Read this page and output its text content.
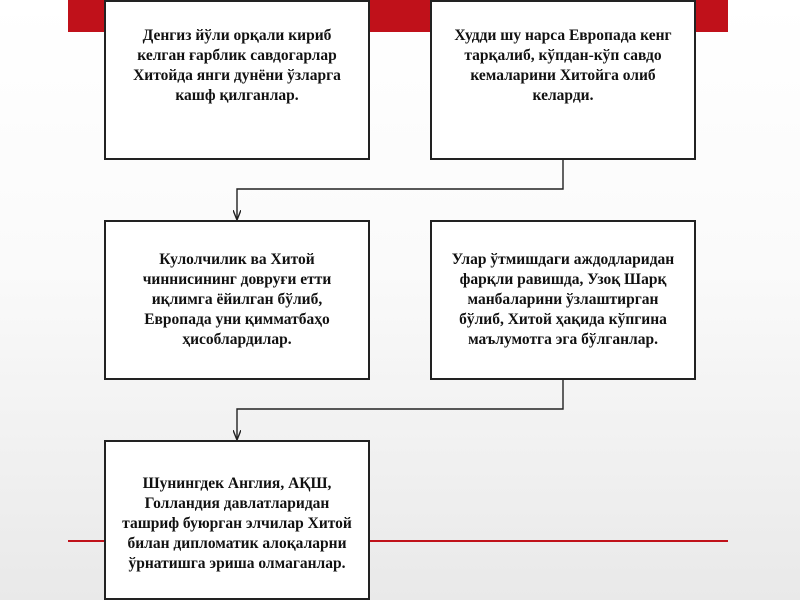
Денгиз йўли орқали кириб келган ғарблик савдогарлар Хитойда янги дунёни ўзларга кашф қилганлар.
Худди шу нарса Европада кенг тарқалиб, кўпдан-кўп савдо кемаларини Хитойга олиб келарди.
Кулолчилик ва Хитой чиннисининг довруғи етти иқлимга ёйилган бўлиб, Европада уни қимматбаҳо ҳисоблардилар.
Улар ўтмишдаги аждодларидан фарқли равишда, Узоқ Шарқ манбаларини ўзлаштирган бўлиб, Хитой ҳақида кўпгина маълумотга эга бўлганлар.
Шунингдек Англия, АҚШ, Голландия давлатларидан ташриф буюрган элчилар Хитой билан дипломатик алоқаларни ўрнатишга эриша олмаганлар.
